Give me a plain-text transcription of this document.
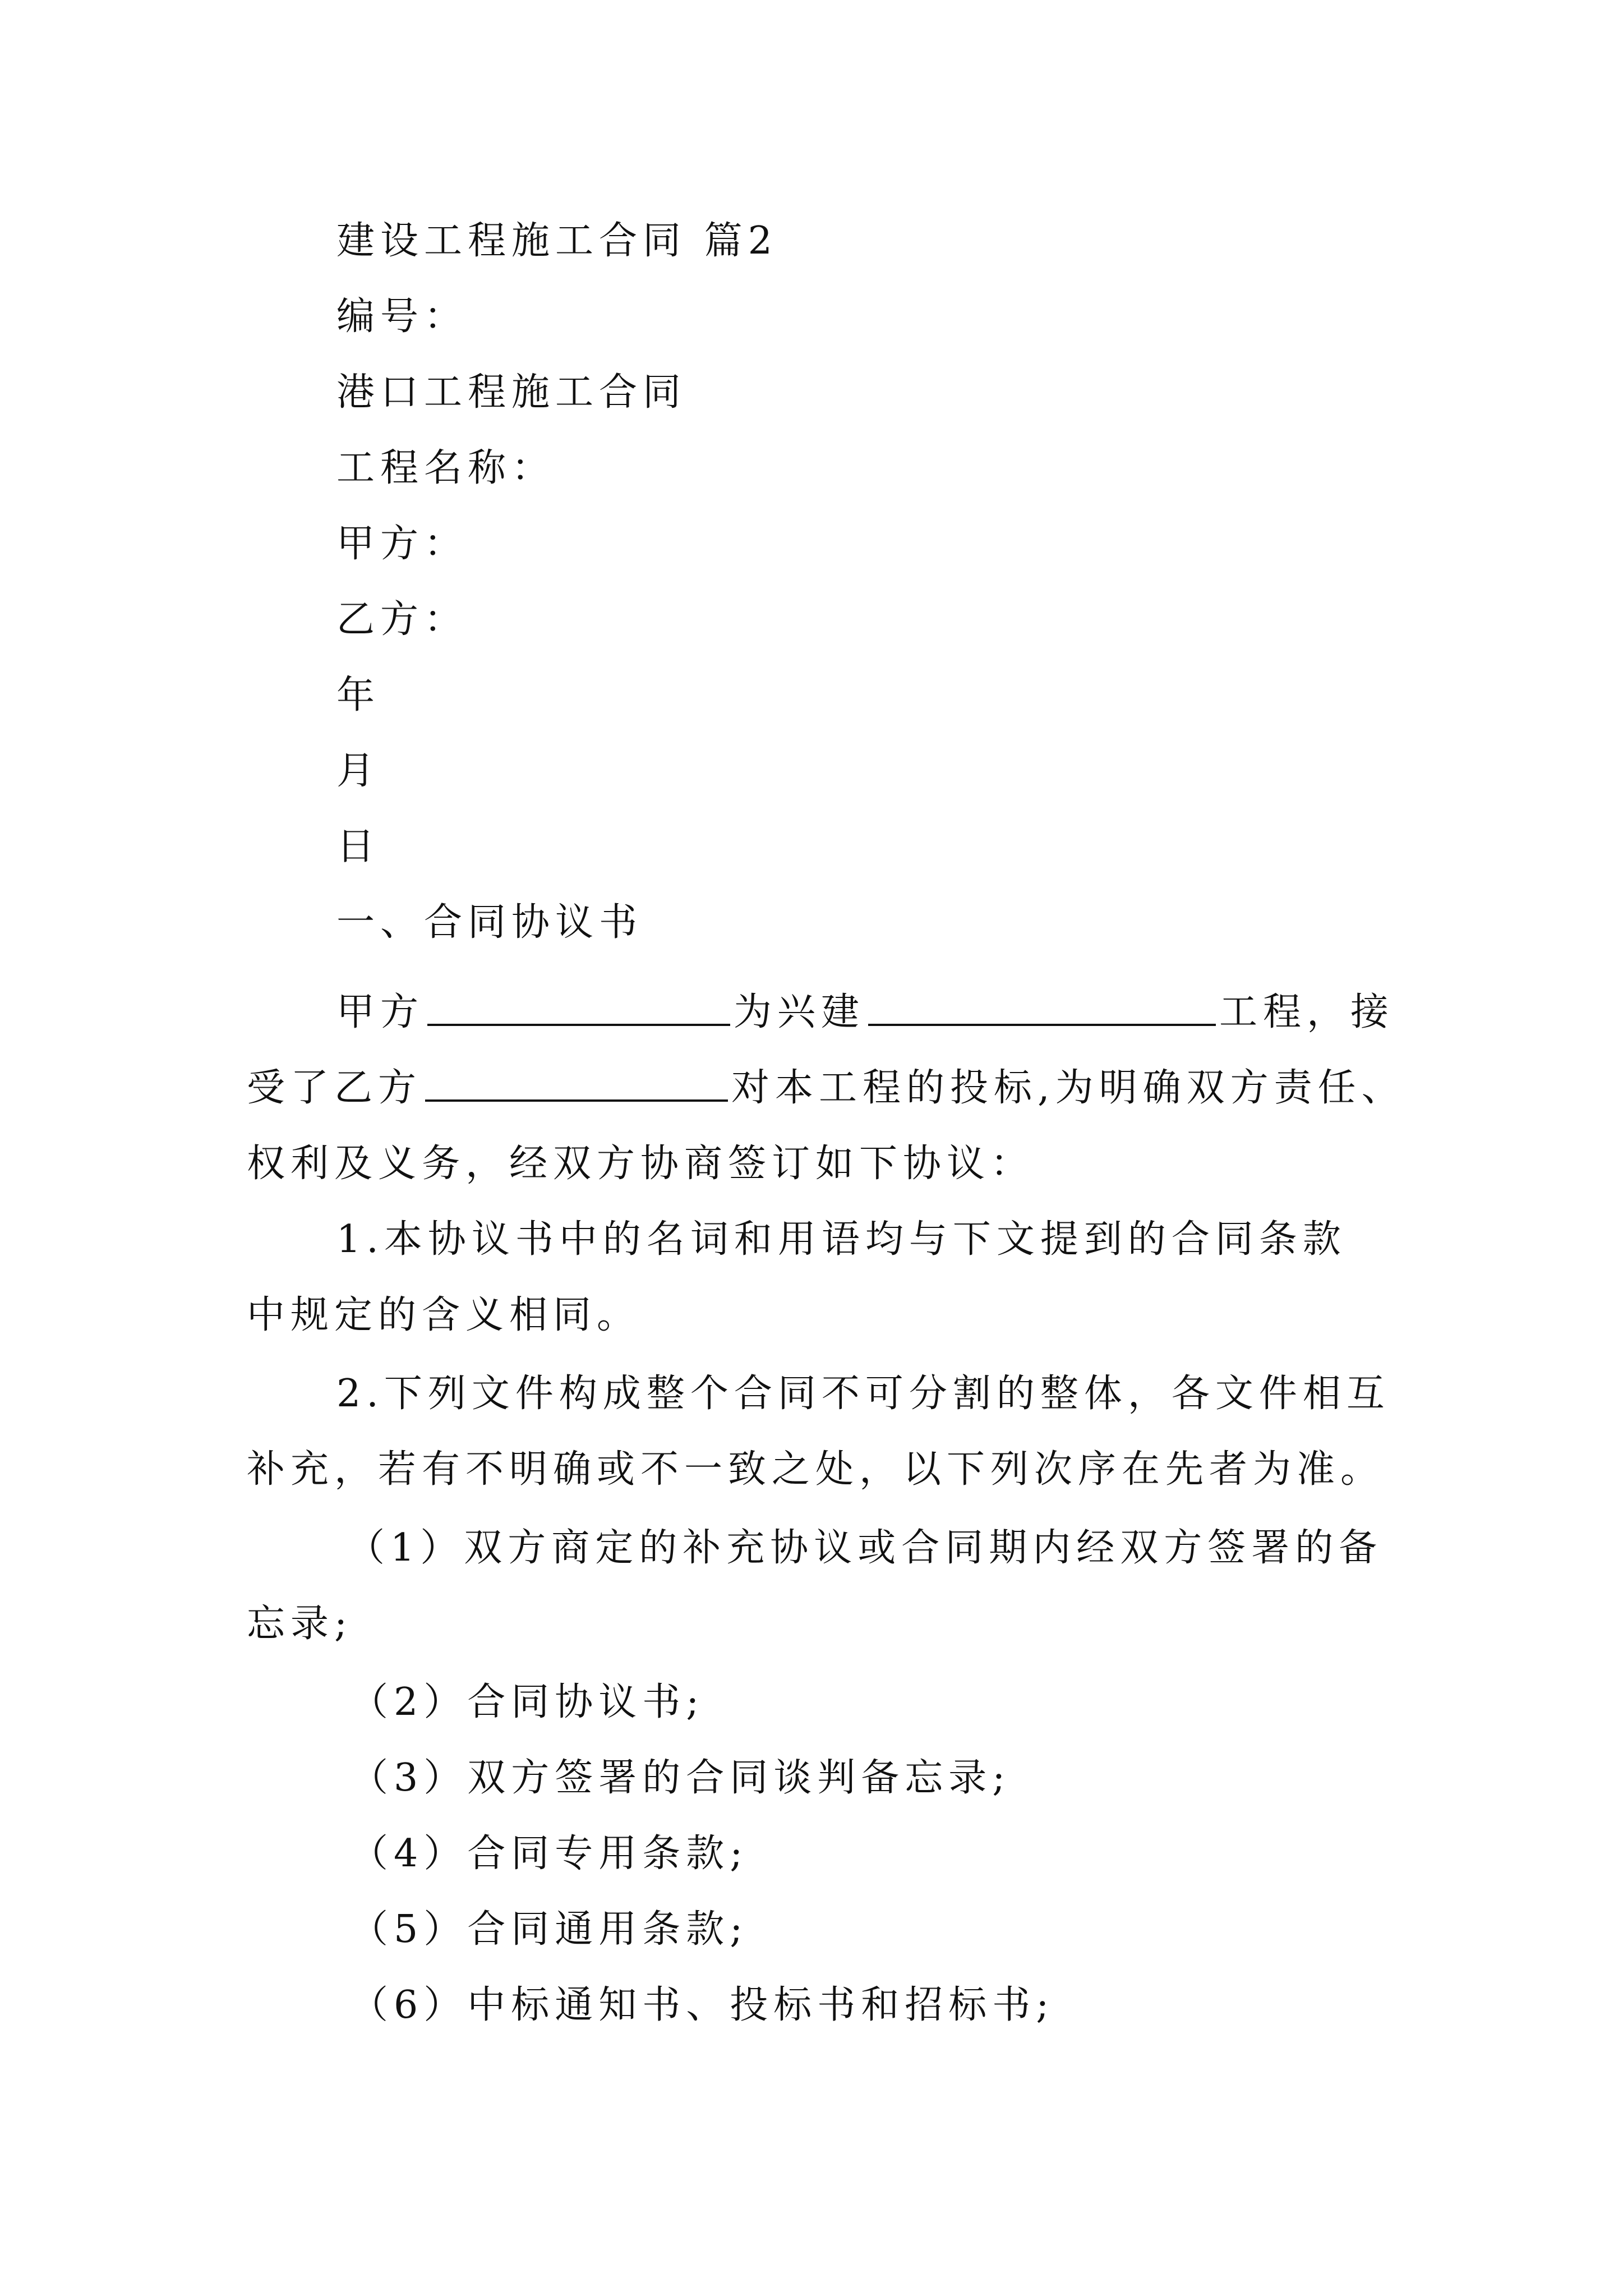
建设工程施工合同 篇2
编号：
港口工程施工合同
工程名称：
甲方：
乙方：
年
月
日
一、合同协议书
甲方	为兴建	工程，接
受了乙方	对本工程的投标,为明确双方责任、
权利及义务，经双方协商签订如下协议：
1.本协议书中的名词和用语均与下文提到的合同条款
中规定的含义相同。
2.下列文件构成整个合同不可分割的整体，各文件相互
补充，若有不明确或不一致之处，以下列次序在先者为准。
（1）双方商定的补充协议或合同期内经双方签署的备
忘录;
（2）合同协议书;
（3）双方签署的合同谈判备忘录;
（4）合同专用条款;
（5）合同通用条款;
（6）中标通知书、投标书和招标书;
